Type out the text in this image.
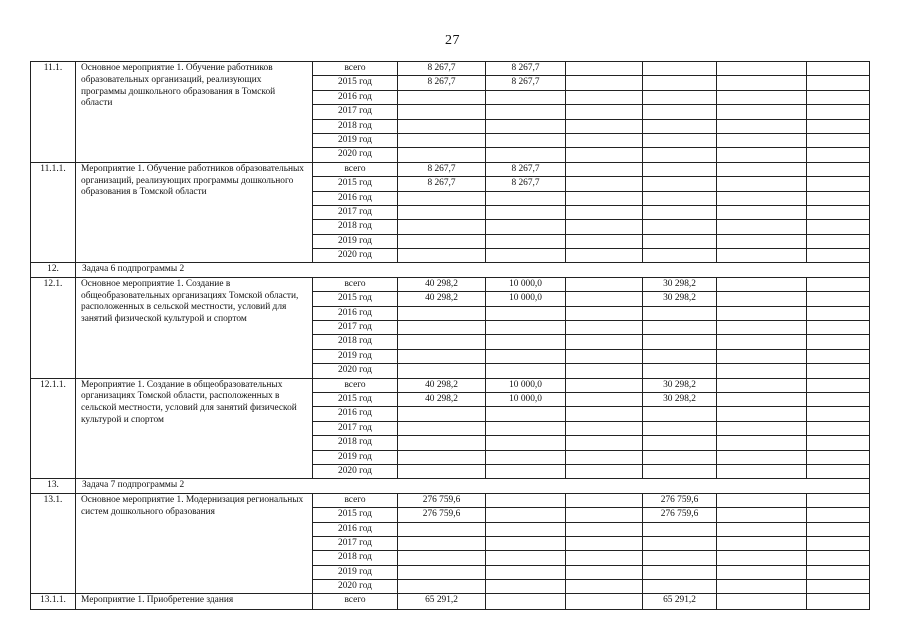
27
11.1.	Основное мероприятие 1. Обучение работников образовательных организаций, реализующих программы дошкольного образования в Томской области	всего	8 267,7	8 267,7				
		2015 год	8 267,7	8 267,7				
		2016 год						
		2017 год						
		2018 год						
		2019 год						
		2020 год						
11.1.1.	Мероприятие 1. Обучение работников образовательных организаций, реализующих программы дошкольного образования в Томской области	всего	8 267,7	8 267,7				
		2015 год	8 267,7	8 267,7				
		2016 год						
		2017 год						
		2018 год						
		2019 год						
		2020 год						
12.	Задача 6 подпрограммы 2							
12.1.	Основное мероприятие 1. Создание в общеобразовательных организациях Томской области, расположенных в сельской местности, условий для занятий физической культурой и спортом	всего	40 298,2	10 000,0		30 298,2		
		2015 год	40 298,2	10 000,0		30 298,2		
		2016 год						
		2017 год						
		2018 год						
		2019 год						
		2020 год						
12.1.1.	Мероприятие 1. Создание в общеобразовательных организациях Томской области, расположенных в сельской местности, условий для занятий физической культурой и спортом	всего	40 298,2	10 000,0		30 298,2		
		2015 год	40 298,2	10 000,0		30 298,2		
		2016 год						
		2017 год						
		2018 год						
		2019 год						
		2020 год						
13.	Задача 7 подпрограммы 2							
13.1.	Основное мероприятие 1. Модернизация региональных систем дошкольного образования	всего	276 759,6			276 759,6		
		2015 год	276 759,6			276 759,6		
		2016 год						
		2017 год						
		2018 год						
		2019 год						
		2020 год						
13.1.1.	Мероприятие 1. Приобретение здания	всего	65 291,2			65 291,2		
